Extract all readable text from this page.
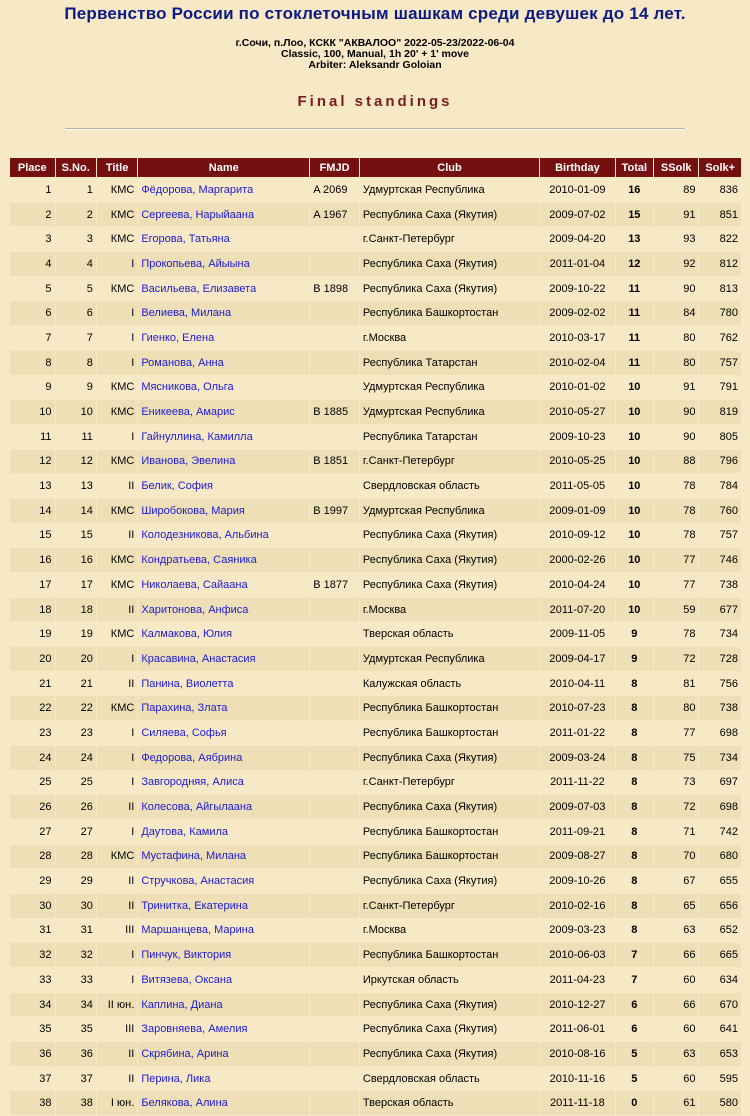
Первенство России по стоклеточным шашкам среди девушек до 14 лет.
г.Сочи, п.Лоо, КСКК "АКВАЛОО" 2022-05-23/2022-06-04
Classic, 100, Manual, 1h 20' + 1' move
Arbiter: Aleksandr Goloian
Final standings
Place	S.No.	Title	Name	FMJD	Club	Birthday	Total	SSolk	Solk+
1	1	КМС	Фёдорова, Маргарита	A 2069	Удмуртская Республика	2010-01-09	16	89	836
2	2	КМС	Сергеева, Нарыйаана	A 1967	Республика Саха (Якутия)	2009-07-02	15	91	851
3	3	КМС	Егорова, Татьяна		г.Санкт-Петербург	2009-04-20	13	93	822
4	4	I	Прокопьева, Айыына		Республика Саха (Якутия)	2011-01-04	12	92	812
5	5	КМС	Васильева, Елизавета	B 1898	Республика Саха (Якутия)	2009-10-22	11	90	813
6	6	I	Велиева, Милана		Республика Башкортостан	2009-02-02	11	84	780
7	7	I	Гиенко, Елена		г.Москва	2010-03-17	11	80	762
8	8	I	Романова, Анна		Республика Татарстан	2010-02-04	11	80	757
9	9	КМС	Мясникова, Ольга		Удмуртская Республика	2010-01-02	10	91	791
10	10	КМС	Еникеева, Амарис	B 1885	Удмуртская Республика	2010-05-27	10	90	819
11	11	I	Гайнуллина, Камилла		Республика Татарстан	2009-10-23	10	90	805
12	12	КМС	Иванова, Эвелина	B 1851	г.Санкт-Петербург	2010-05-25	10	88	796
13	13	II	Белик, София		Свердловская область	2011-05-05	10	78	784
14	14	КМС	Широбокова, Мария	B 1997	Удмуртская Республика	2009-01-09	10	78	760
15	15	II	Колодезникова, Альбина		Республика Саха (Якутия)	2010-09-12	10	78	757
16	16	КМС	Кондратьева, Саяника		Республика Саха (Якутия)	2000-02-26	10	77	746
17	17	КМС	Николаева, Сайаана	B 1877	Республика Саха (Якутия)	2010-04-24	10	77	738
18	18	II	Харитонова, Анфиса		г.Москва	2011-07-20	10	59	677
19	19	КМС	Калмакова, Юлия		Тверская область	2009-11-05	9	78	734
20	20	I	Красавина, Анастасия		Удмуртская Республика	2009-04-17	9	72	728
21	21	II	Панина, Виолетта		Калужская область	2010-04-11	8	81	756
22	22	КМС	Парахина, Злата		Республика Башкортостан	2010-07-23	8	80	738
23	23	I	Силяева, Софья		Республика Башкортостан	2011-01-22	8	77	698
24	24	I	Федорова, Аябрина		Республика Саха (Якутия)	2009-03-24	8	75	734
25	25	I	Завгородняя, Алиса		г.Санкт-Петербург	2011-11-22	8	73	697
26	26	II	Колесова, Айгылаана		Республика Саха (Якутия)	2009-07-03	8	72	698
27	27	I	Даутова, Камила		Республика Башкортостан	2011-09-21	8	71	742
28	28	КМС	Мустафина, Милана		Республика Башкортостан	2009-08-27	8	70	680
29	29	II	Стручкова, Анастасия		Республика Саха (Якутия)	2009-10-26	8	67	655
30	30	II	Тринитка, Екатерина		г.Санкт-Петербург	2010-02-16	8	65	656
31	31	III	Маршанцева, Марина		г.Москва	2009-03-23	8	63	652
32	32	I	Пинчук, Виктория		Республика Башкортостан	2010-06-03	7	66	665
33	33	I	Витязева, Оксана		Иркутская область	2011-04-23	7	60	634
34	34	II юн.	Каплина, Диана		Республика Саха (Якутия)	2010-12-27	6	66	670
35	35	III	Заровняева, Амелия		Республика Саха (Якутия)	2011-06-01	6	60	641
36	36	II	Скрябина, Арина		Республика Саха (Якутия)	2010-08-16	5	63	653
37	37	II	Перина, Лика		Свердловская область	2010-11-16	5	60	595
38	38	I юн.	Белякова, Алина		Тверская область	2011-11-18	0	61	580
